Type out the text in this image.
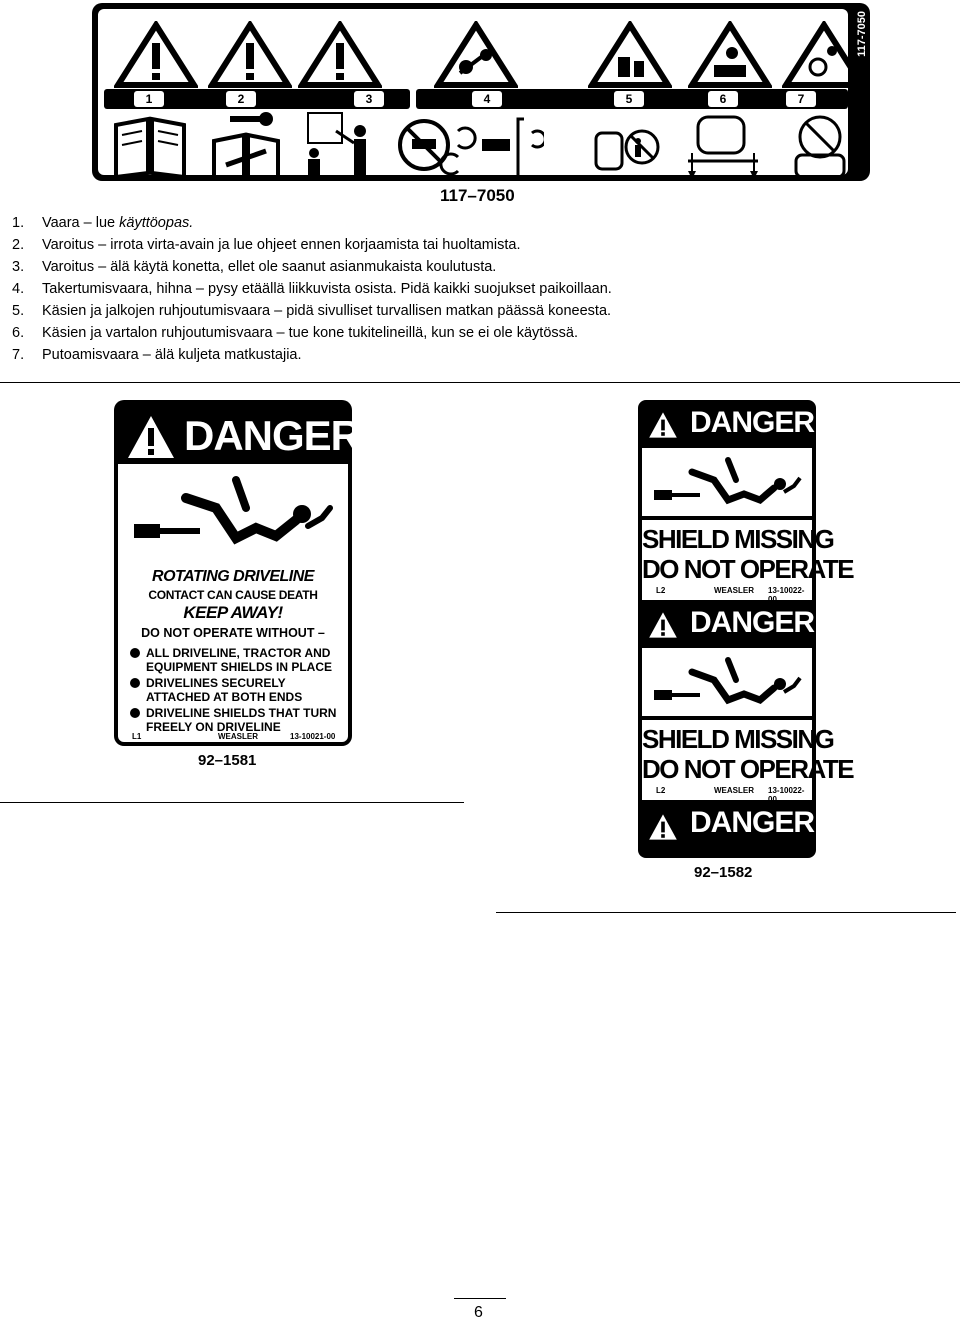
1	2	3	4	5	6	7
117-7050
117–7050
1. Vaara – lue käyttöopas.
2. Varoitus – irrota virta-avain ja lue ohjeet ennen korjaamista tai huoltamista.
3. Varoitus – älä käytä konetta, ellet ole saanut asianmukaista koulutusta.
4. Takertumisvaara, hihna – pysy etäällä liikkuvista osista. Pidä kaikki suojukset paikoillaan.
5. Käsien ja jalkojen ruhjoutumisvaara – pidä sivulliset turvallisen matkan päässä koneesta.
6. Käsien ja vartalon ruhjoutumisvaara – tue kone tukitelineillä, kun se ei ole käytössä.
7. Putoamisvaara – älä kuljeta matkustajia.
DANGER
ROTATING DRIVELINE
CONTACT CAN CAUSE DEATH
KEEP AWAY!
DO NOT OPERATE WITHOUT –
ALL DRIVELINE, TRACTOR AND
EQUIPMENT SHIELDS IN PLACE
DRIVELINES SECURELY
ATTACHED AT BOTH ENDS
DRIVELINE SHIELDS THAT TURN
FREELY ON DRIVELINE
L1	WEASLER	13-10021-00
92–1581
DANGER
SHIELD MISSING
DO NOT OPERATE
L2	WEASLER 13-10022-00
DANGER
SHIELD MISSING
DO NOT OPERATE
L2	WEASLER 13-10022-00
DANGER
92–1582
6
